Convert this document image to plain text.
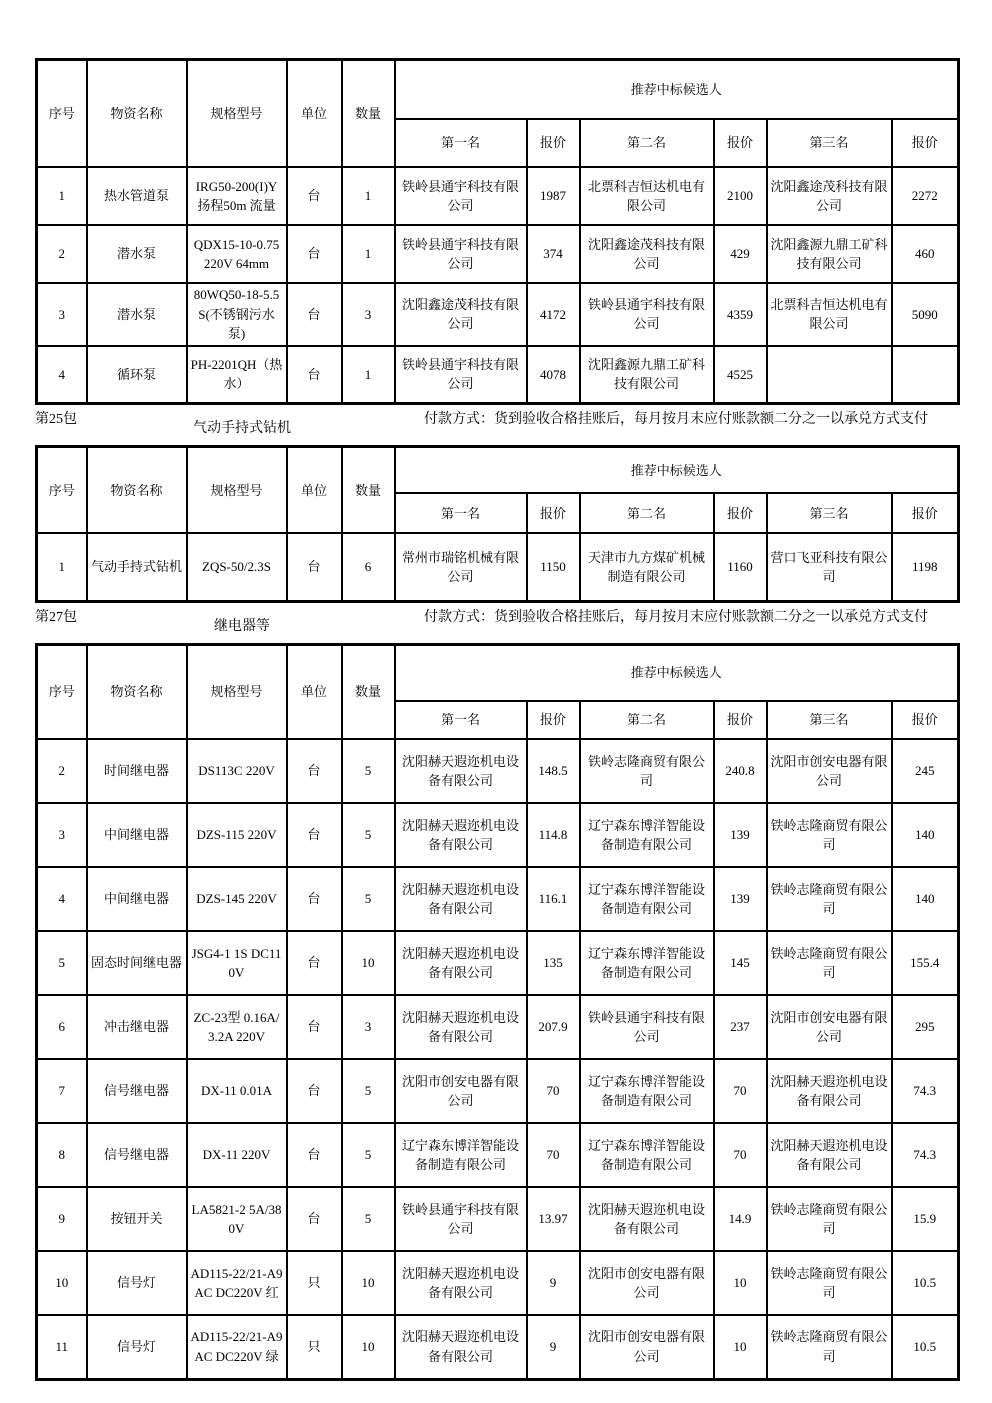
序号	物资名称	规格型号	单位	数量	推荐中标候选人					
					第一名	报价	第二名	报价	第三名	报价
1	热水管道泵	IRG50-200(I)Y扬程50m 流量	台	1	铁岭县通宇科技有限公司	1987	北票科吉恒达机电有限公司	2100	沈阳鑫途茂科技有限公司	2272
2	潜水泵	QDX15-10-0.75 220V 64mm	台	1	铁岭县通宇科技有限公司	374	沈阳鑫途茂科技有限公司	429	沈阳鑫源九鼎工矿科技有限公司	460
3	潜水泵	80WQ50-18-5.5S(不锈钢污水泵)	台	3	沈阳鑫途茂科技有限公司	4172	铁岭县通宇科技有限公司	4359	北票科吉恒达机电有限公司	5090
4	循环泵	PH-2201QH（热水）	台	1	铁岭县通宇科技有限公司	4078	沈阳鑫源九鼎工矿科技有限公司	4525		
第25包
气动手持式钻机
付款方式：货到验收合格挂账后，每月按月末应付账款额二分之一以承兑方式支付
序号	物资名称	规格型号	单位	数量	推荐中标候选人					
					第一名	报价	第二名	报价	第三名	报价
1	气动手持式钻机	ZQS-50/2.3S	台	6	常州市瑞铭机械有限公司	1150	天津市九方煤矿机械制造有限公司	1160	营口飞亚科技有限公司	1198
第27包
继电器等
付款方式：货到验收合格挂账后，每月按月末应付账款额二分之一以承兑方式支付
序号	物资名称	规格型号	单位	数量	推荐中标候选人					
					第一名	报价	第二名	报价	第三名	报价
2	时间继电器	DS113C 220V	台	5	沈阳赫天遐迩机电设备有限公司	148.5	铁岭志隆商贸有限公司	240.8	沈阳市创安电器有限公司	245
3	中间继电器	DZS-115 220V	台	5	沈阳赫天遐迩机电设备有限公司	114.8	辽宁森东博洋智能设备制造有限公司	139	铁岭志隆商贸有限公司	140
4	中间继电器	DZS-145 220V	台	5	沈阳赫天遐迩机电设备有限公司	116.1	辽宁森东博洋智能设备制造有限公司	139	铁岭志隆商贸有限公司	140
5	固态时间继电器	JSG4-1 1S DC110V	台	10	沈阳赫天遐迩机电设备有限公司	135	辽宁森东博洋智能设备制造有限公司	145	铁岭志隆商贸有限公司	155.4
6	冲击继电器	ZC-23型 0.16A/3.2A 220V	台	3	沈阳赫天遐迩机电设备有限公司	207.9	铁岭县通宇科技有限公司	237	沈阳市创安电器有限公司	295
7	信号继电器	DX-11 0.01A	台	5	沈阳市创安电器有限公司	70	辽宁森东博洋智能设备制造有限公司	70	沈阳赫天遐迩机电设备有限公司	74.3
8	信号继电器	DX-11 220V	台	5	辽宁森东博洋智能设备制造有限公司	70	辽宁森东博洋智能设备制造有限公司	70	沈阳赫天遐迩机电设备有限公司	74.3
9	按钮开关	LA5821-2 5A/380V	台	5	铁岭县通宇科技有限公司	13.97	沈阳赫天遐迩机电设备有限公司	14.9	铁岭志隆商贸有限公司	15.9
10	信号灯	AD115-22/21-A9 AC DC220V 红	只	10	沈阳赫天遐迩机电设备有限公司	9	沈阳市创安电器有限公司	10	铁岭志隆商贸有限公司	10.5
11	信号灯	AD115-22/21-A9 AC DC220V 绿	只	10	沈阳赫天遐迩机电设备有限公司	9	沈阳市创安电器有限公司	10	铁岭志隆商贸有限公司	10.5
